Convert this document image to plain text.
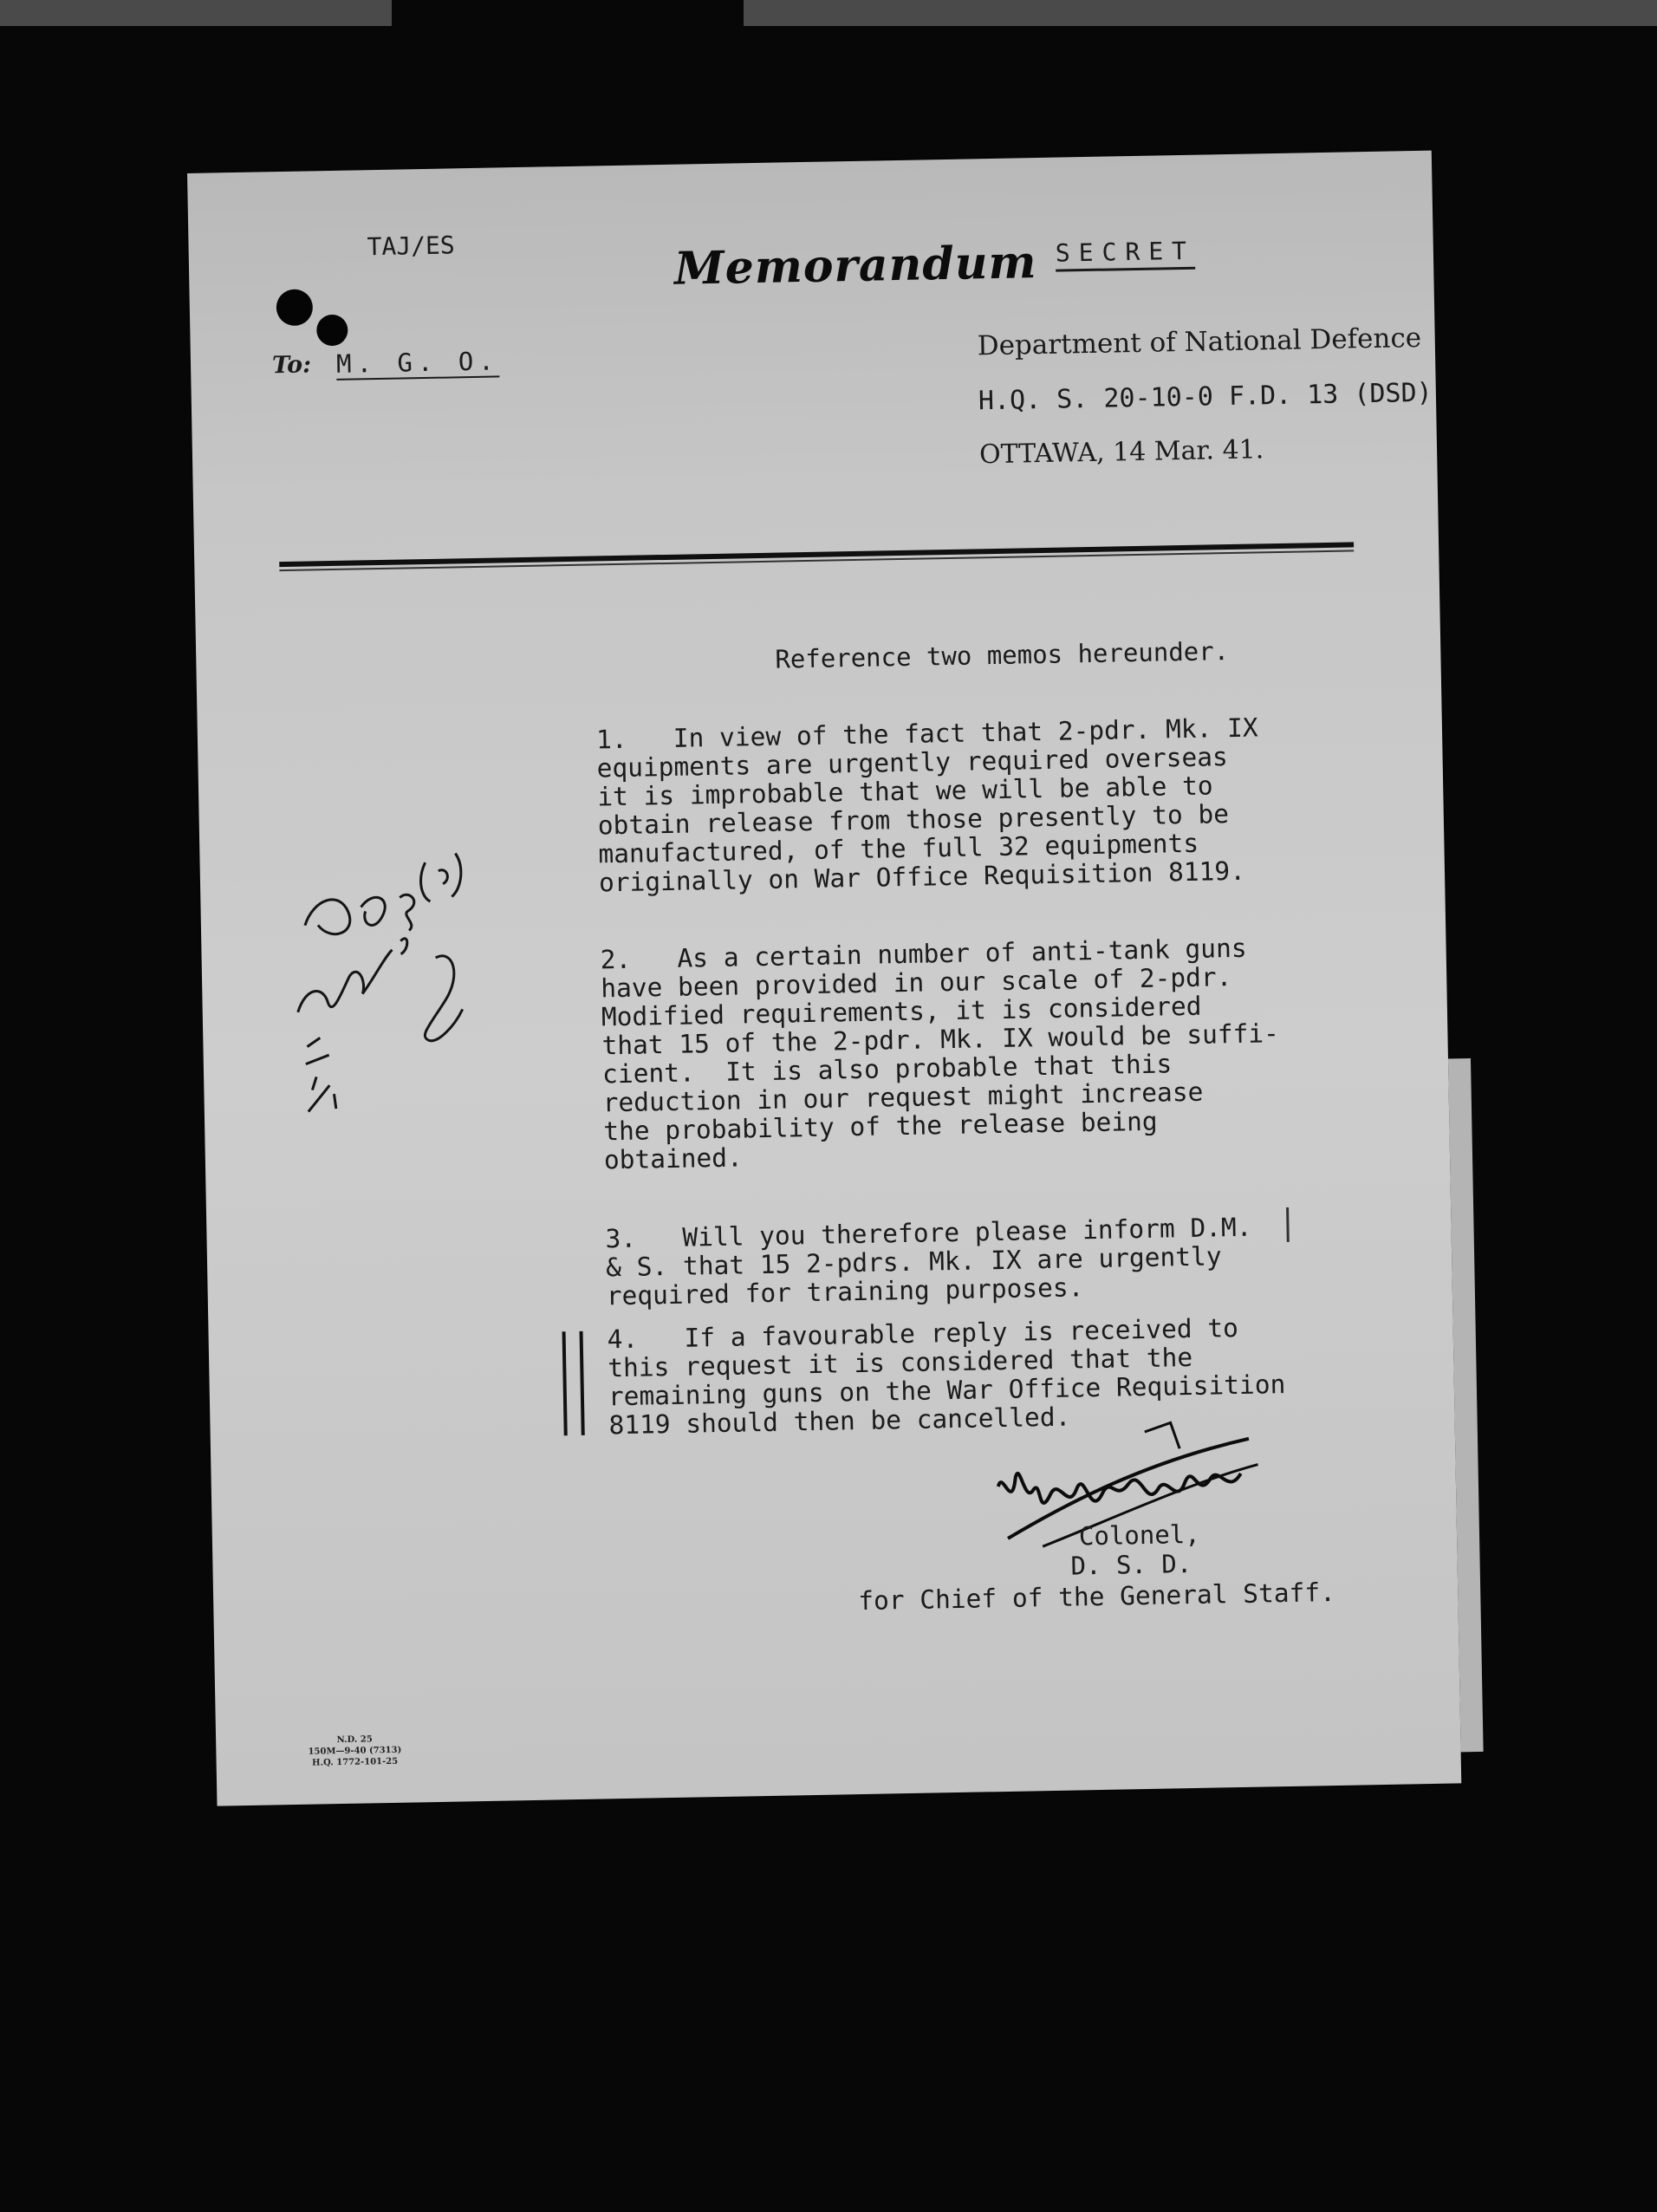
TAJ/ES	Memorandum SECRET
To: M. G. O.
Department of National Defence
H.Q. S. 20-10-0 F.D. 13 (DSD)
OTTAWA, 14 Mar. 41.
Reference two memos hereunder.
1.   In view of the fact that 2-pdr. Mk. IX
equipments are urgently required overseas
it is improbable that we will be able to
obtain release from those presently to be
manufactured, of the full 32 equipments
originally on War Office Requisition 8119.
2.   As a certain number of anti-tank guns
have been provided in our scale of 2-pdr.
Modified requirements, it is considered
that 15 of the 2-pdr. Mk. IX would be suffi-
cient.  It is also probable that this
reduction in our request might increase
the probability of the release being
obtained.
3.   Will you therefore please inform D.M.
& S. that 15 2-pdrs. Mk. IX are urgently
required for training purposes.
4.   If a favourable reply is received to
this request it is considered that the
remaining guns on the War Office Requisition
8119 should then be cancelled.
Colonel,
D. S. D.
for Chief of the General Staff.
N.D. 25
150M—9-40 (7313)
H.Q. 1772-101-25
